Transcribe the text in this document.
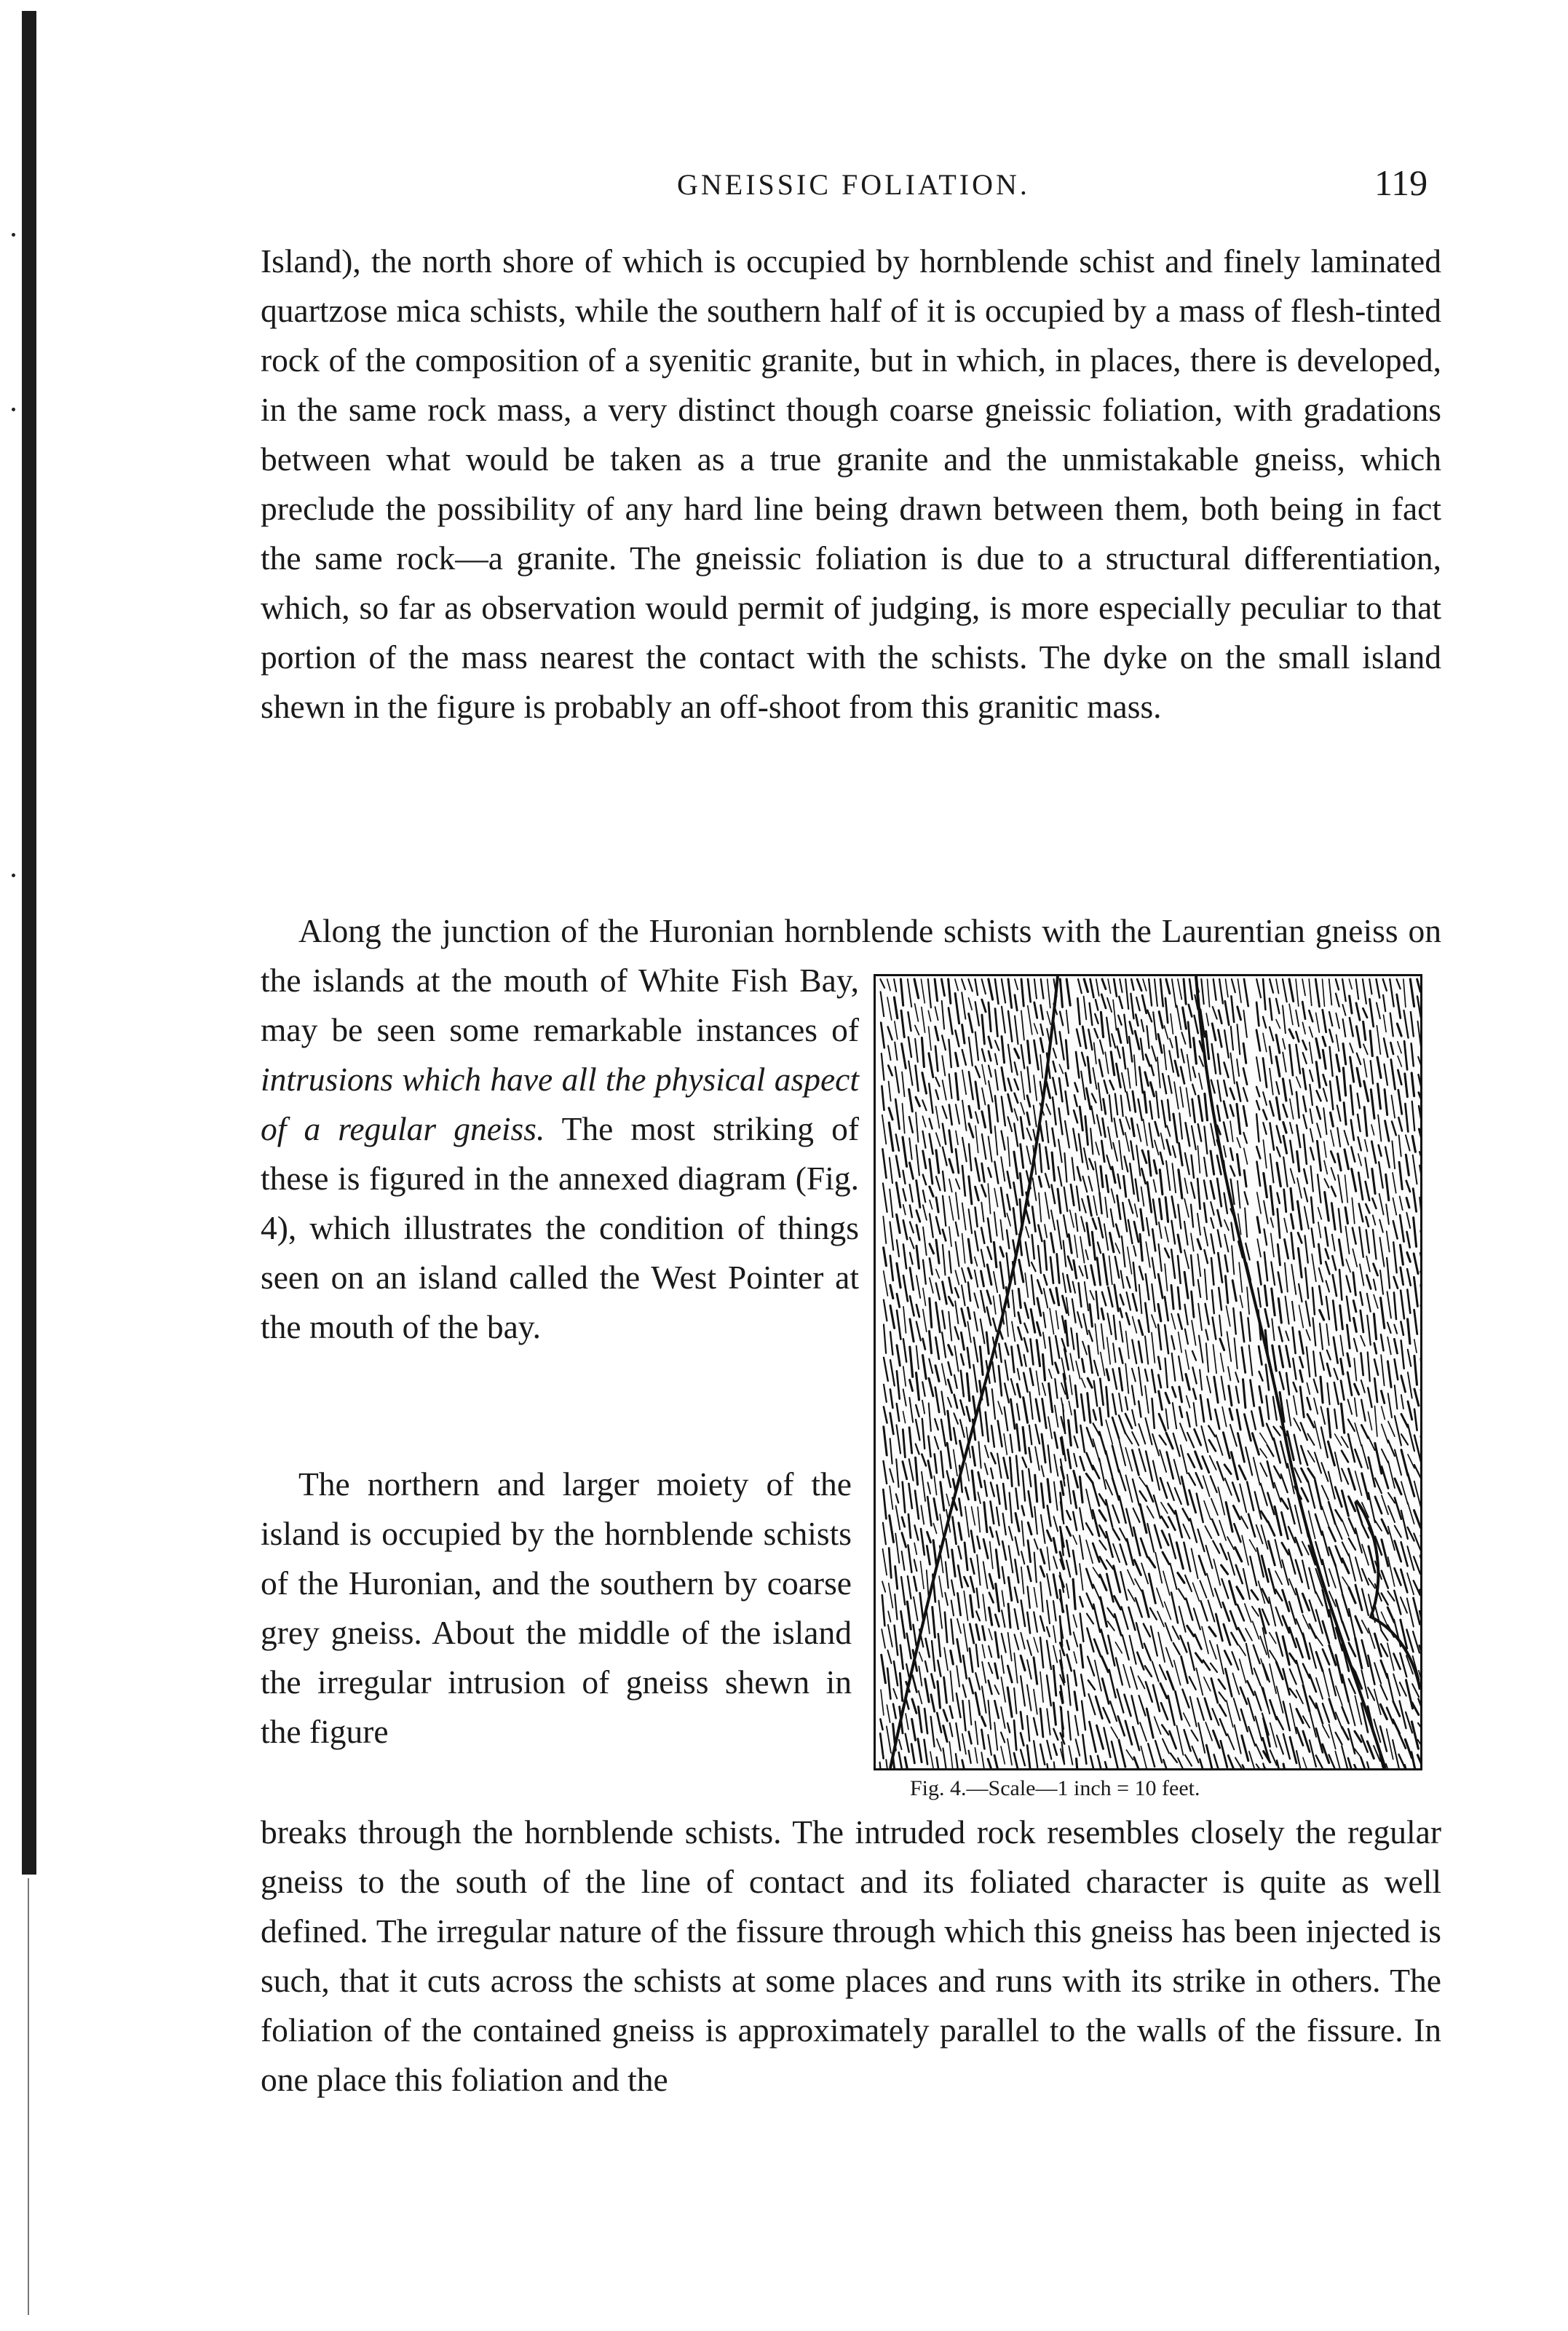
GNEISSIC FOLIATION.	119

Island), the north shore of which is occupied by hornblende schist and finely laminated quartzose mica schists, while the southern half of it is occupied by a mass of flesh-tinted rock of the composition of a syenitic granite, but in which, in places, there is developed, in the same rock mass, a very distinct though coarse gneissic foliation, with gradations between what would be taken as a true granite and the unmistakable gneiss, which preclude the possibility of any hard line being drawn between them, both being in fact the same rock—a granite. The gneissic foliation is due to a structural differentiation, which, so far as observation would permit of judging, is more especially peculiar to that portion of the mass nearest the contact with the schists. The dyke on the small island shewn in the figure is probably an off-shoot from this granitic mass.

Along the junction of the Huronian hornblende schists with the Laurentian gneiss on the islands at the mouth of White Fish Bay, may be seen some remarkable instances of intrusions which have all the physical aspect of a regular gneiss. The most striking of these is figured in the annexed diagram (Fig. 4), which illustrates the condition of things seen on an island called the West Pointer at the mouth of the bay.

Fig. 4.—Scale—1 inch = 10 feet.

breaks through the hornblende schists. The intruded rock resembles closely the regular gneiss to the south of the line of contact and its foliated character is quite as well defined. The irregular nature of the fissure through which this gneiss has been injected is such, that it cuts across the schists at some places and runs with its strike in others. The foliation of the contained gneiss is approximately parallel to the walls of the fissure. In one place this foliation and the

The northern and larger moiety of the island is occupied by the hornblende schists of the Huronian, and the southern by coarse grey gneiss. About the middle of the island the irregular intrusion of gneiss shewn in the figure
